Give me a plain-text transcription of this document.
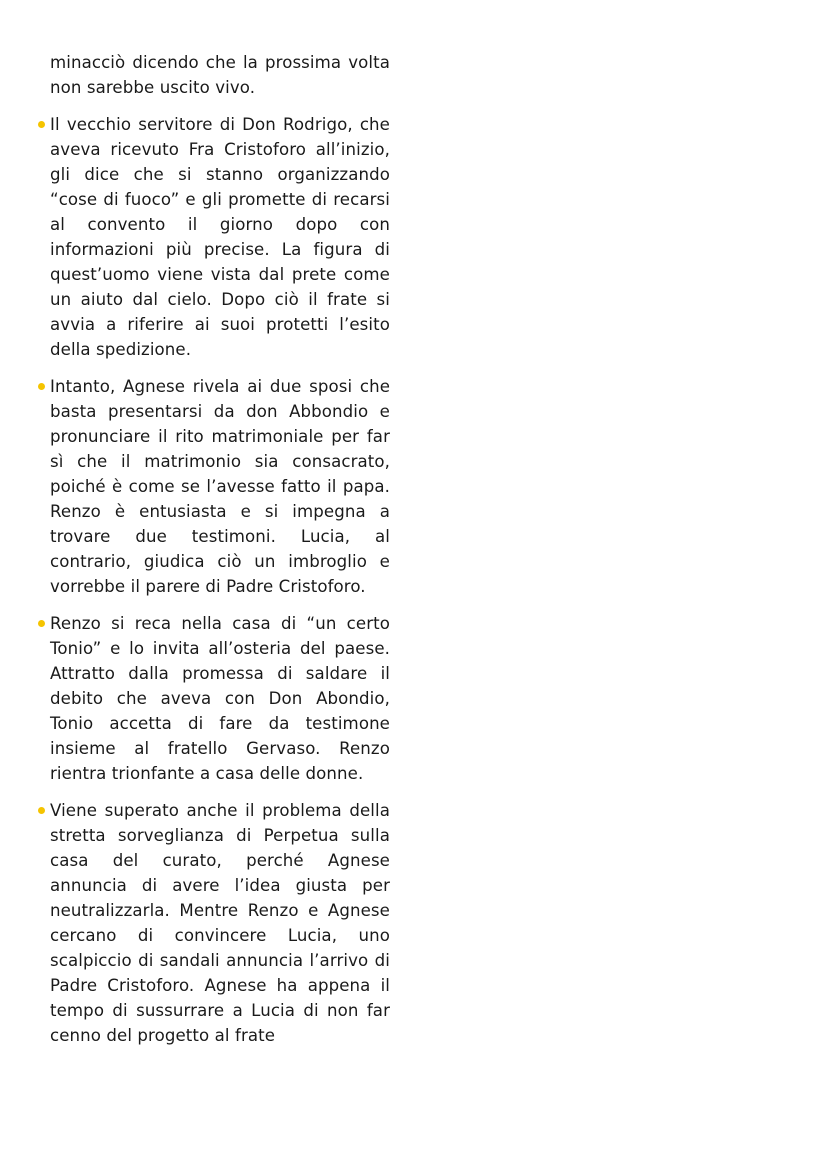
minacciò dicendo che la prossima volta non sarebbe uscito vivo.

Il vecchio servitore di Don Rodrigo, che aveva ricevuto Fra Cristoforo all’inizio, gli dice che si stanno organizzando “cose di fuoco” e gli promette di recarsi al convento il giorno dopo con informazioni più precise. La figura di quest’uomo viene vista dal prete come un aiuto dal cielo. Dopo ciò il frate si avvia a riferire ai suoi protetti l’esito della spedizione.
Intanto, Agnese rivela ai due sposi che basta presentarsi da don Abbondio e pronunciare il rito matrimoniale per far sì che il matrimonio sia consacrato, poiché è come se l’avesse fatto il papa. Renzo è entusiasta e si impegna a trovare due testimoni. Lucia, al contrario, giudica ciò un imbroglio e vorrebbe il parere di Padre Cristoforo.
Renzo si reca nella casa di “un certo Tonio” e lo invita all’osteria del paese. Attratto dalla promessa di saldare il debito che aveva con Don Abondio, Tonio accetta di fare da testimone insieme al fratello Gervaso. Renzo rientra trionfante a casa delle donne.
Viene superato anche il problema della stretta sorveglianza di Perpetua sulla casa del curato, perché Agnese annuncia di avere l’idea giusta per neutralizzarla. Mentre Renzo e Agnese cercano di convincere Lucia, uno scalpiccio di sandali annuncia l’arrivo di Padre Cristoforo. Agnese ha appena il tempo di sussurrare a Lucia di non far cenno del progetto al frate
